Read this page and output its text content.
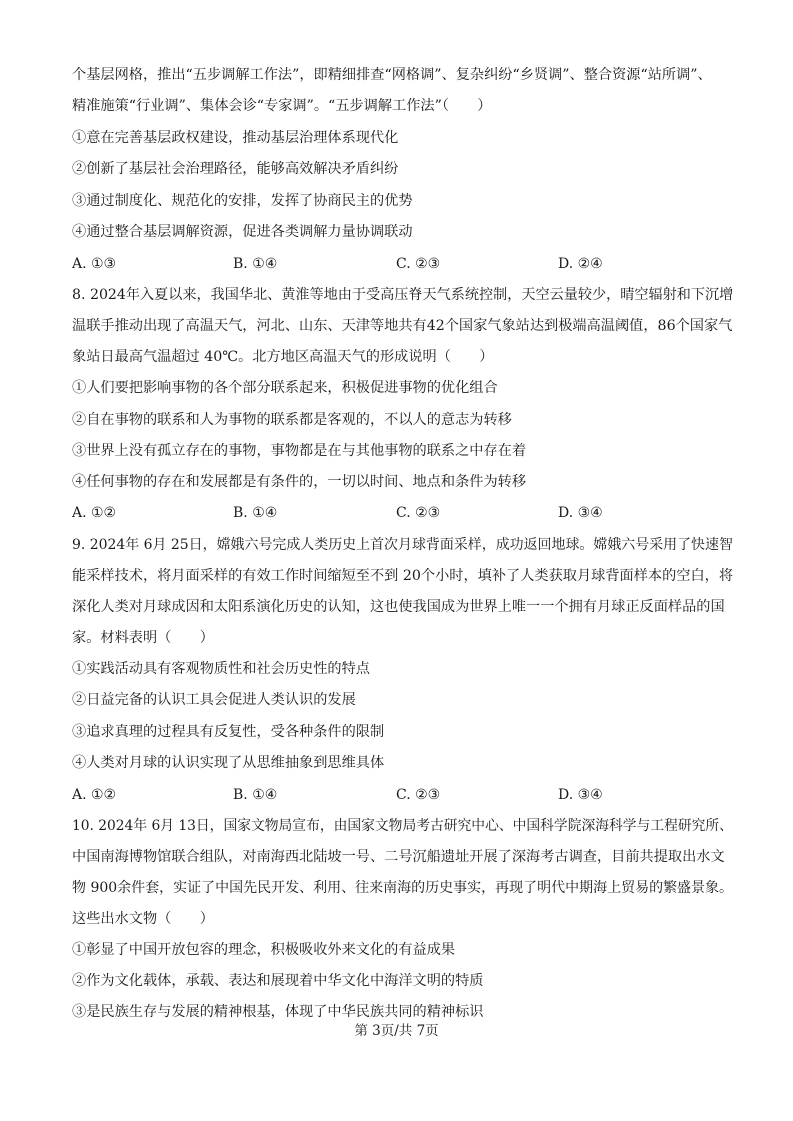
个基层网格，推出“五步调解工作法”，即精细排查“网格调”、复杂纠纷“乡贤调”、整合资源“站所调”、
精准施策“行业调”、集体会诊“专家调”。“五步调解工作法”（　　）
①意在完善基层政权建设，推动基层治理体系现代化
②创新了基层社会治理路径，能够高效解决矛盾纠纷
③通过制度化、规范化的安排，发挥了协商民主的优势
④通过整合基层调解资源，促进各类调解力量协调联动
A. ①③	B. ①④	C. ②③	D. ②④
8. 2024年入夏以来，我国华北、黄淮等地由于受高压脊天气系统控制，天空云量较少，晴空辐射和下沉增
温联手推动出现了高温天气，河北、山东、天津等地共有42个国家气象站达到极端高温阈值，86个国家气
象站日最高气温超过 40℃。北方地区高温天气的形成说明（　　）
①人们要把影响事物的各个部分联系起来，积极促进事物的优化组合
②自在事物的联系和人为事物的联系都是客观的，不以人的意志为转移
③世界上没有孤立存在的事物，事物都是在与其他事物的联系之中存在着
④任何事物的存在和发展都是有条件的，一切以时间、地点和条件为转移
A. ①②	B. ①④	C. ②③	D. ③④
9. 2024年 6月 25日，嫦娥六号完成人类历史上首次月球背面采样，成功返回地球。嫦娥六号采用了快速智
能采样技术，将月面采样的有效工作时间缩短至不到 20个小时，填补了人类获取月球背面样本的空白，将
深化人类对月球成因和太阳系演化历史的认知，这也使我国成为世界上唯一一个拥有月球正反面样品的国
家。材料表明（　　）
①实践活动具有客观物质性和社会历史性的特点
②日益完备的认识工具会促进人类认识的发展
③追求真理的过程具有反复性，受各种条件的限制
④人类对月球的认识实现了从思维抽象到思维具体
A. ①②	B. ①④	C. ②③	D. ③④
10. 2024年 6月 13日，国家文物局宣布，由国家文物局考古研究中心、中国科学院深海科学与工程研究所、
中国南海博物馆联合组队，对南海西北陆坡一号、二号沉船遗址开展了深海考古调查，目前共提取出水文
物 900余件套，实证了中国先民开发、利用、往来南海的历史事实，再现了明代中期海上贸易的繁盛景象。
这些出水文物（　　）
①彰显了中国开放包容的理念，积极吸收外来文化的有益成果
②作为文化载体，承载、表达和展现着中华文化中海洋文明的特质
③是民族生存与发展的精神根基，体现了中华民族共同的精神标识
第 3页/共 7页
